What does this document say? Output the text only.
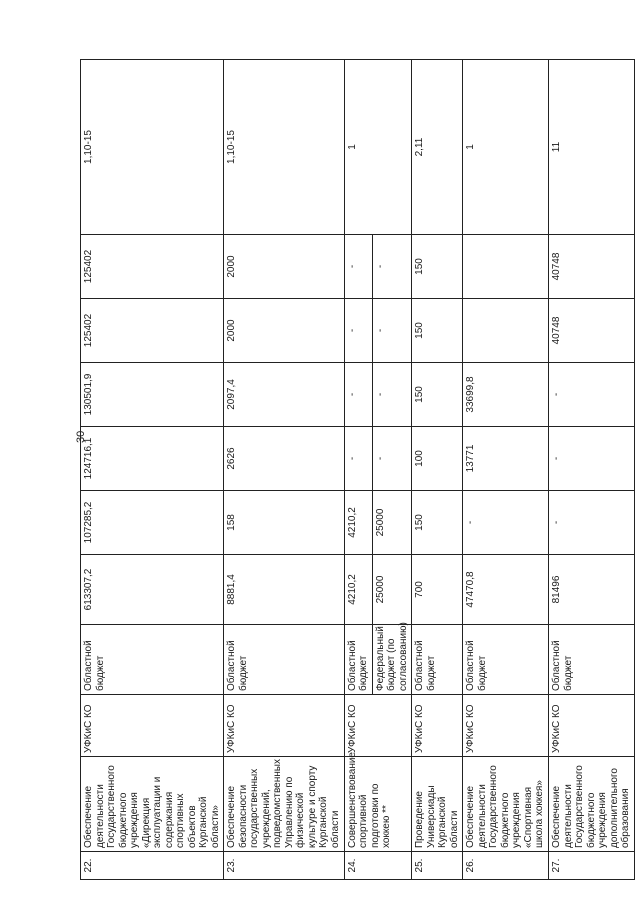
30
22.	Обеспечение деятельности Государственного бюджетного учреждения «Дирекция эксплуатации и содержания спортивных объектов Курганской области»	УФКиС КО	Областной бюджет	613307,2	107285,2	124716,1	130501,9	125402	125402	1,10-15
23.	Обеспечение безопасности государственных учреждений, подведомственных Управлению по физической культуре и спорту Курганской области	УФКиС КО	Областной бюджет	8881,4	158	2626	2097,4	2000	2000	1,10-15
24.	Совершенствование спортивной подготовки по хоккею **	УФКиС КО	Областной бюджет	4210,2	4210,2	-	-	-	-	1
			Федеральный бюджет (по согласованию)	25000	25000	-	-	-	-	
25.	Проведение Универсиады Курганской области	УФКиС КО	Областной бюджет	700	150	100	150	150	150	2,11
26.	Обеспечение деятельности Государственного бюджетного учреждения «Спортивная школа хоккея»	УФКиС КО	Областной бюджет	47470,8	-	13771	33699,8			1
27.	Обеспечение деятельности Государственного бюджетного учреждения дополнительного образования	УФКиС КО	Областной бюджет	81496	-	-	-	40748	40748	11
